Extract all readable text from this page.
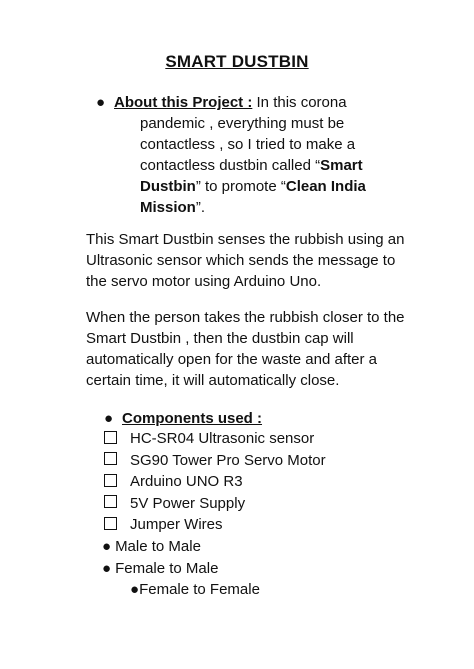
SMART DUSTBIN
● About this Project : In this corona
pandemic , everything must be
contactless , so I tried to make a
contactless dustbin called “Smart
Dustbin” to promote “Clean India
Mission”.
This Smart Dustbin senses the rubbish using an Ultrasonic sensor which sends the message to the servo motor using Arduino Uno.
When the person takes the rubbish closer to the Smart Dustbin , then the dustbin cap will automatically open for the waste and after a certain time, it will automatically close.
● Components used :
HC-SR04 Ultrasonic sensor
SG90 Tower Pro Servo Motor
Arduino UNO R3
5V Power Supply
Jumper Wires
● Male to Male
● Female to Male
●Female to Female
